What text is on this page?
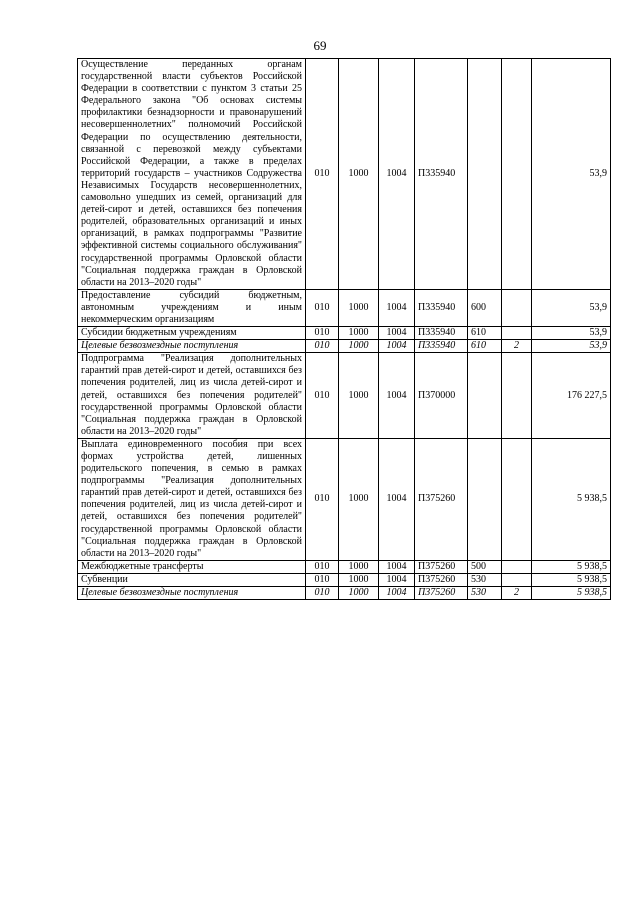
69
Осуществление переданных органам государственной власти субъектов Российской Федерации в соответствии с пунктом 3 статьи 25 Федерального закона "Об основах системы профилактики безнадзорности и правонарушений несовершеннолетних" полномочий Российской Федерации по осуществлению деятельности, связанной с перевозкой между субъектами Российской Федерации, а также в пределах территорий государств – участников Содружества Независимых Государств несовершеннолетних, самовольно ушедших из семей, организаций для детей-сирот и детей, оставшихся без попечения родителей, образовательных организаций и иных организаций, в рамках подпрограммы "Развитие эффективной системы социального обслуживания" государственной программы Орловской области "Социальная поддержка граждан в Орловской области на 2013–2020 годы"	010	1000	1004	П335940			53,9
Предоставление субсидий бюджетным, автономным учреждениям и иным некоммерческим организациям	010	1000	1004	П335940	600		53,9
Субсидии бюджетным учреждениям	010	1000	1004	П335940	610		53,9
Целевые безвозмездные поступления	010	1000	1004	П335940	610	2	53,9
Подпрограмма "Реализация дополнительных гарантий прав детей-сирот и детей, оставшихся без попечения родителей, лиц из числа детей-сирот и детей, оставшихся без попечения родителей" государственной программы Орловской области "Социальная поддержка граждан в Орловской области на 2013–2020 годы"	010	1000	1004	П370000			176 227,5
Выплата единовременного пособия при всех формах устройства детей, лишенных родительского попечения, в семью в рамках подпрограммы "Реализация дополнительных гарантий прав детей-сирот и детей, оставшихся без попечения родителей, лиц из числа детей-сирот и детей, оставшихся без попечения родителей" государственной программы Орловской области "Социальная поддержка граждан в Орловской области на 2013–2020 годы"	010	1000	1004	П375260			5 938,5
Межбюджетные трансферты	010	1000	1004	П375260	500		5 938,5
Субвенции	010	1000	1004	П375260	530		5 938,5
Целевые безвозмездные поступления	010	1000	1004	П375260	530	2	5 938,5
